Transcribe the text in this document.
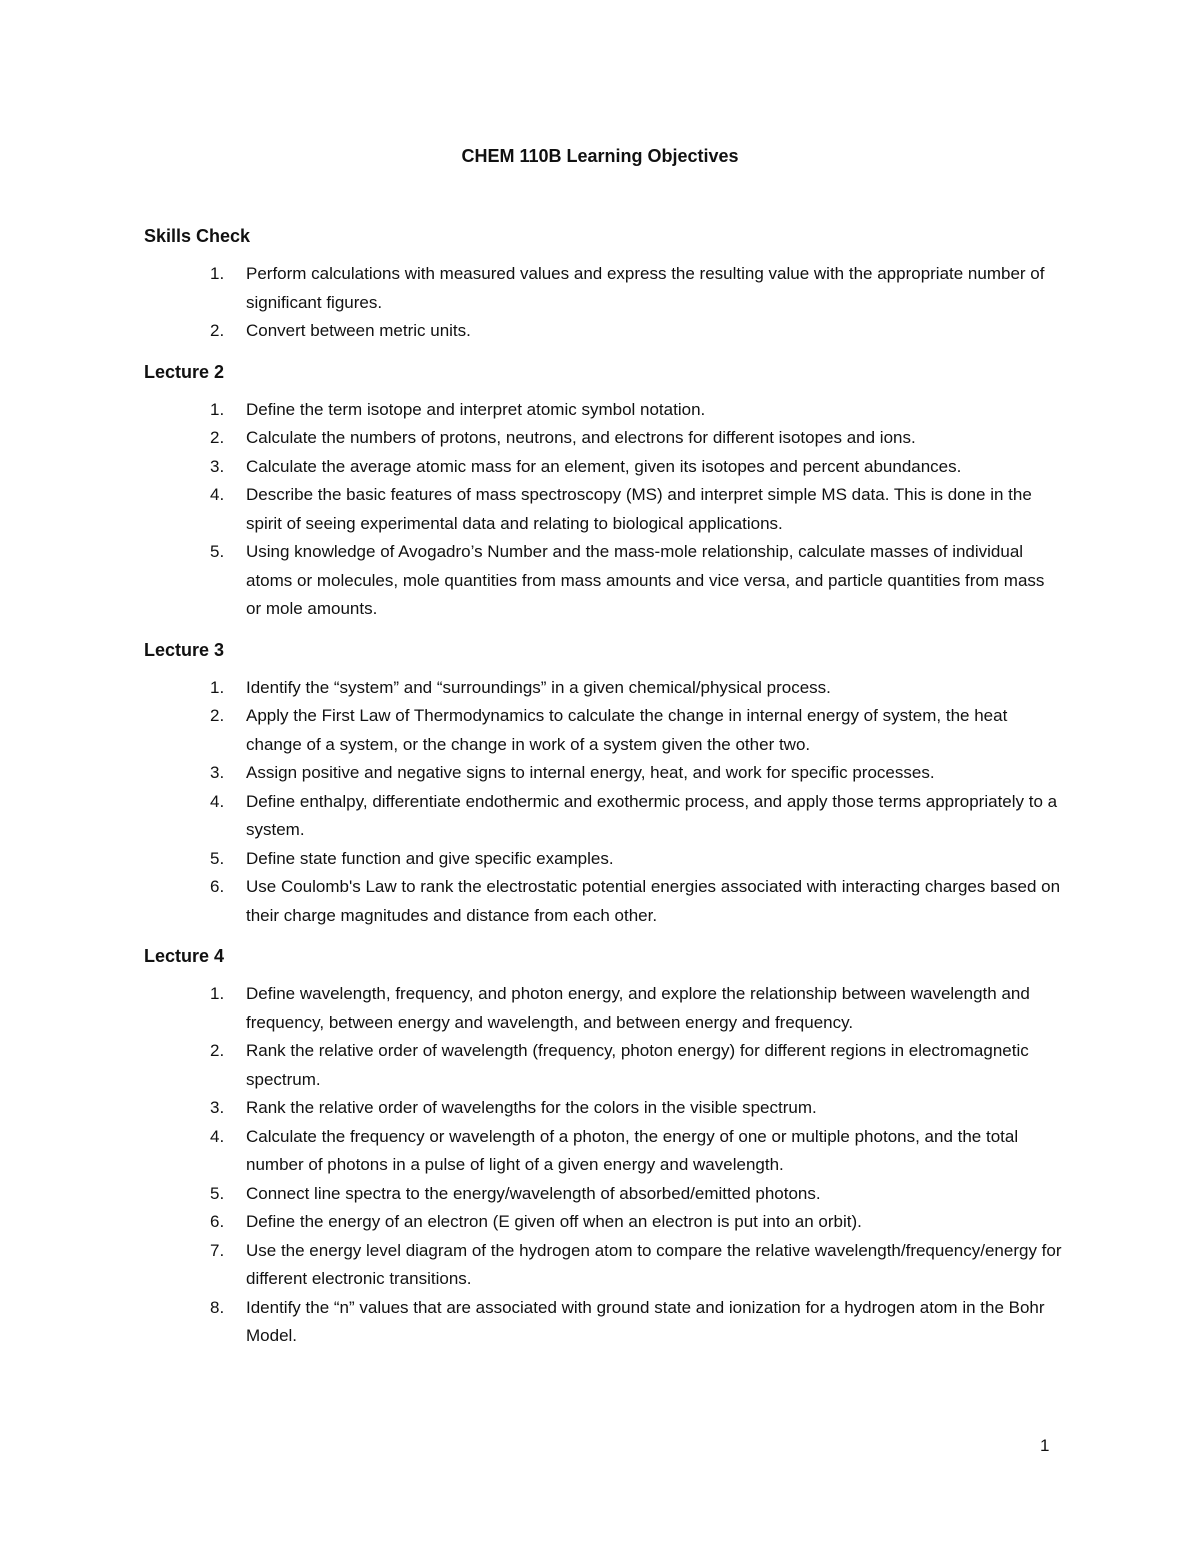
CHEM 110B Learning Objectives
Skills Check
1. Perform calculations with measured values and express the resulting value with the appropriate number of significant figures.
2. Convert between metric units.
Lecture 2
1. Define the term isotope and interpret atomic symbol notation.
2. Calculate the numbers of protons, neutrons, and electrons for different isotopes and ions.
3. Calculate the average atomic mass for an element, given its isotopes and percent abundances.
4. Describe the basic features of mass spectroscopy (MS) and interpret simple MS data. This is done in the spirit of seeing experimental data and relating to biological applications.
5. Using knowledge of Avogadro’s Number and the mass-mole relationship, calculate masses of individual atoms or molecules, mole quantities from mass amounts and vice versa, and particle quantities from mass or mole amounts.
Lecture 3
1. Identify the “system” and “surroundings” in a given chemical/physical process.
2. Apply the First Law of Thermodynamics to calculate the change in internal energy of system, the heat change of a system, or the change in work of a system given the other two.
3. Assign positive and negative signs to internal energy, heat, and work for specific processes.
4. Define enthalpy, differentiate endothermic and exothermic process, and apply those terms appropriately to a system.
5. Define state function and give specific examples.
6. Use Coulomb's Law to rank the electrostatic potential energies associated with interacting charges based on their charge magnitudes and distance from each other.
Lecture 4
1. Define wavelength, frequency, and photon energy, and explore the relationship between wavelength and frequency, between energy and wavelength, and between energy and frequency.
2. Rank the relative order of wavelength (frequency, photon energy) for different regions in electromagnetic spectrum.
3. Rank the relative order of wavelengths for the colors in the visible spectrum.
4. Calculate the frequency or wavelength of a photon, the energy of one or multiple photons, and the total number of photons in a pulse of light of a given energy and wavelength.
5. Connect line spectra to the energy/wavelength of absorbed/emitted photons.
6. Define the energy of an electron (E given off when an electron is put into an orbit).
7. Use the energy level diagram of the hydrogen atom to compare the relative wavelength/frequency/energy for different electronic transitions.
8. Identify the “n” values that are associated with ground state and ionization for a hydrogen atom in the Bohr Model.

1
